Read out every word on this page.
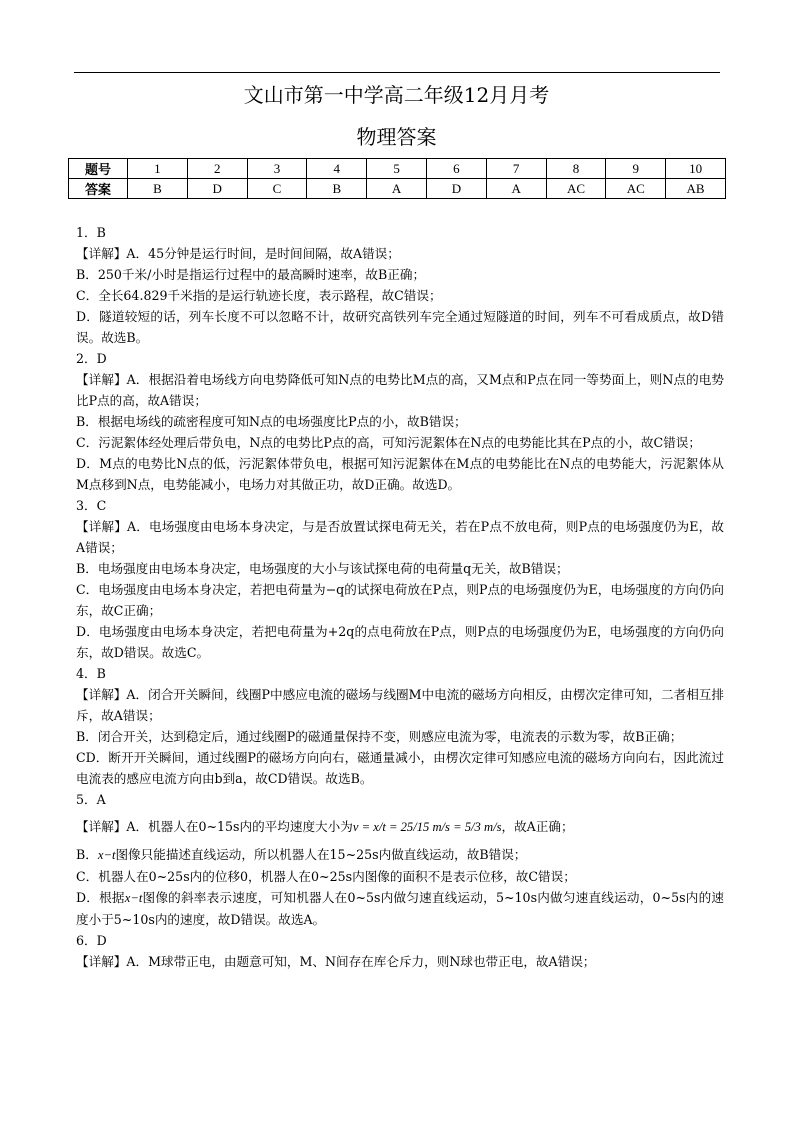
文山市第一中学高二年级12月月考
物理答案
题号	1	2	3	4	5	6	7	8	9	10
答案	B	D	C	B	A	D	A	AC	AC	AB

1．B

【详解】A．45分钟是运行时间，是时间间隔，故A错误；

B．250千米/小时是指运行过程中的最高瞬时速率，故B正确；

C．全长64.829千米指的是运行轨迹长度，表示路程，故C错误；

D．隧道较短的话，列车长度不可以忽略不计，故研究高铁列车完全通过短隧道的时间，列车不可看成质点，故D错误。故选B。

2．D

【详解】A．根据沿着电场线方向电势降低可知N点的电势比M点的高，又M点和P点在同一等势面上，则N点的电势比P点的高，故A错误；

B．根据电场线的疏密程度可知N点的电场强度比P点的小，故B错误；

C．污泥絮体经处理后带负电，N点的电势比P点的高，可知污泥絮体在N点的电势能比其在P点的小，故C错误；

D．M点的电势比N点的低，污泥絮体带负电，根据可知污泥絮体在M点的电势能比在N点的电势能大，污泥絮体从M点移到N点，电势能减小，电场力对其做正功，故D正确。故选D。

3．C

【详解】A．电场强度由电场本身决定，与是否放置试探电荷无关，若在P点不放电荷，则P点的电场强度仍为E，故A错误；

B．电场强度由电场本身决定，电场强度的大小与该试探电荷的电荷量q无关，故B错误；

C．电场强度由电场本身决定，若把电荷量为−q的试探电荷放在P点，则P点的电场强度仍为E，电场强度的方向仍向东，故C正确；

D．电场强度由电场本身决定，若把电荷量为+2q的点电荷放在P点，则P点的电场强度仍为E，电场强度的方向仍向东，故D错误。故选C。

4．B

【详解】A．闭合开关瞬间，线圈P中感应电流的磁场与线圈M中电流的磁场方向相反，由楞次定律可知，二者相互排斥，故A错误；

B．闭合开关，达到稳定后，通过线圈P的磁通量保持不变，则感应电流为零，电流表的示数为零，故B正确；

CD．断开开关瞬间，通过线圈P的磁场方向向右，磁通量减小，由楞次定律可知感应电流的磁场方向向右，因此流过电流表的感应电流方向由b到a，故CD错误。故选B。

5．A

【详解】A．机器人在0~15s内的平均速度大小为v = x/t = 25/15 m/s = 5/3 m/s，故A正确；

B．x−t图像只能描述直线运动，所以机器人在15~25s内做直线运动，故B错误；

C．机器人在0~25s内的位移0，机器人在0~25s内图像的面积不是表示位移，故C错误；

D．根据x−t图像的斜率表示速度，可知机器人在0~5s内做匀速直线运动，5~10s内做匀速直线运动，0~5s内的速度小于5~10s内的速度，故D错误。故选A。

6．D

【详解】A．M球带正电，由题意可知，M、N间存在库仑斥力，则N球也带正电，故A错误；
